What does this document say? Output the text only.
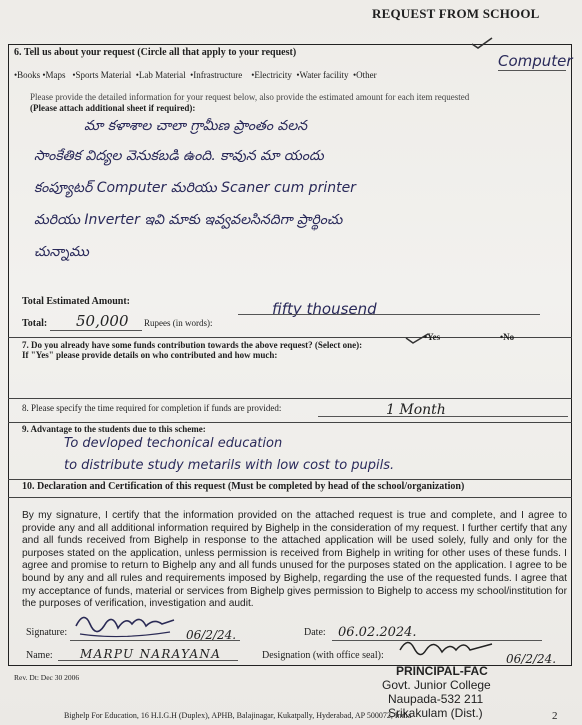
REQUEST FROM SCHOOL
6. Tell us about your request (Circle all that apply to your request)
•Books •Maps •Sports Material •Lab Material •Infrastructure •Electricity •Water facility •Other
Computer
Please provide the detailed information for your request below, also provide the estimated amount for each item requested
(Please attach additional sheet if required):
మా కళాశాల చాలా గ్రామీణ ప్రాంతం వలన
సాంకేతిక విద్యల వెనుకబడి ఉంది. కావున మా యందు
కంప్యూటర్ Computer మరియు Scaner cum printer
మరియు Inverter ఇవి మాకు ఇవ్వవలసినదిగా ప్రార్థించు
చున్నాము
Total Estimated Amount:
Total: 50,000 Rupees (in words):
fifty thousend
7. Do you already have some funds contribution towards the above request? (Select one):
•Yes	•No
If "Yes" please provide details on who contributed and how much:
8. Please specify the time required for completion if funds are provided:	1 Month
9. Advantage to the students due to this scheme:
To devloped techonical education
to distribute study metarils with low cost to pupils.
10. Declaration and Certification of this request (Must be completed by head of the school/organization)
By my signature, I certify that the information provided on the attached request is true and complete, and I agree to provide any and all additional information required by Bighelp in the consideration of my request. I further certify that any and all funds received from Bighelp in response to the attached application will be used solely, fully and only for the purposes stated on the application, unless permission is received from Bighelp in writing for other uses of these funds. I agree and promise to return to Bighelp any and all funds unused for the purposes stated on the application. I agree to be bound by any and all rules and requirements imposed by Bighelp, regarding the use of the requested funds. I agree that my acceptance of funds, material or services from Bighelp gives permission to Bighelp to access my school/institution for the purposes of verification, investigation and audit.
Signature:	06/2/24.	Date: 06.02.2024.
Name: MARPU NARAYANA	Designation (with office seal):	06/2/24.
PRINCIPAL-FAC
Govt. Junior College
Naupada-532 211
Srikakulam (Dist.)
Rev. Dt: Dec 30 2006
Bighelp For Education, 16 H.I.G.H (Duplex), APHB, Balajinagar, Kukatpally, Hyderabad, AP 500072, India	2
